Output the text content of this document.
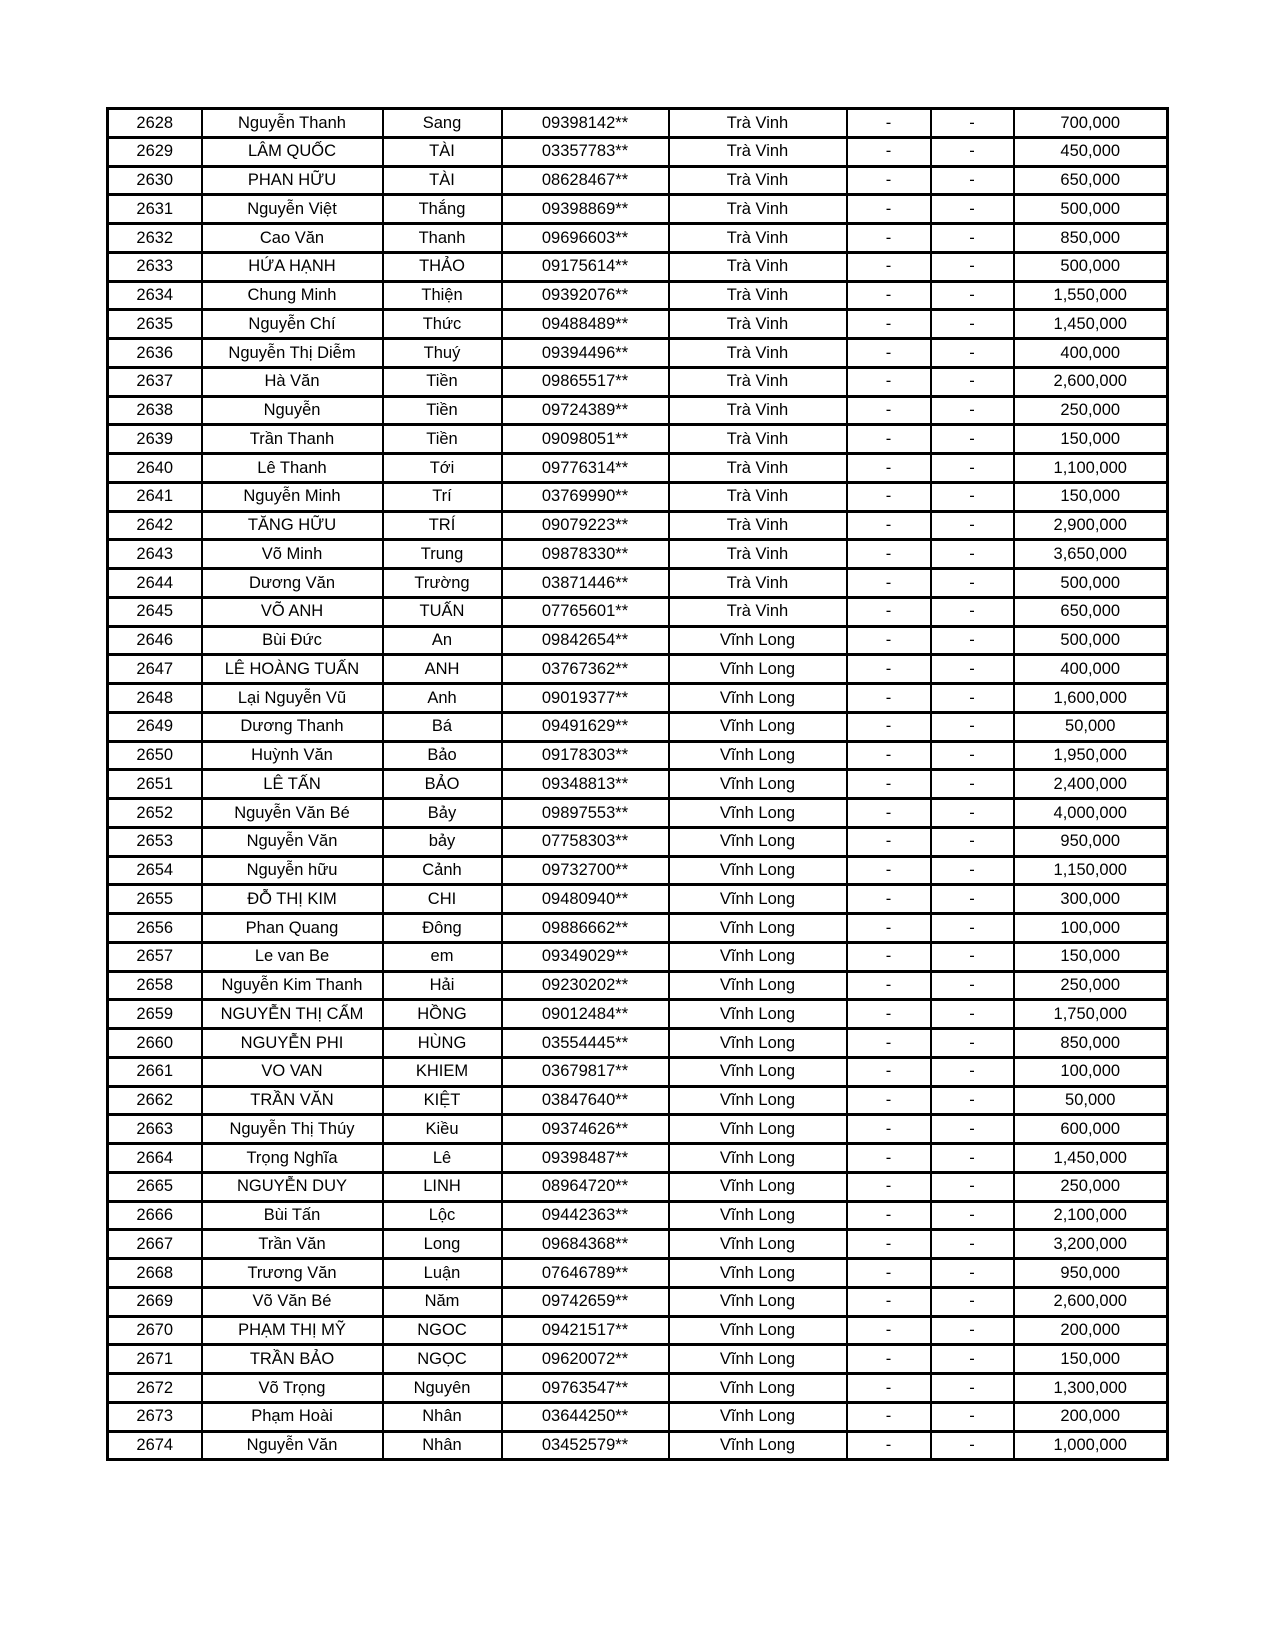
2628	Nguyễn Thanh	Sang	09398142**	Trà Vinh	-	-	700,000
2629	LÂM QUỐC	TÀI	03357783**	Trà Vinh	-	-	450,000
2630	PHAN HỮU	TÀI	08628467**	Trà Vinh	-	-	650,000
2631	Nguyễn Việt	Thắng	09398869**	Trà Vinh	-	-	500,000
2632	Cao Văn	Thanh	09696603**	Trà Vinh	-	-	850,000
2633	HỨA HẠNH	THẢO	09175614**	Trà Vinh	-	-	500,000
2634	Chung Minh	Thiện	09392076**	Trà Vinh	-	-	1,550,000
2635	Nguyễn Chí	Thức	09488489**	Trà Vinh	-	-	1,450,000
2636	Nguyễn Thị Diễm	Thuý	09394496**	Trà Vinh	-	-	400,000
2637	Hà Văn	Tiền	09865517**	Trà Vinh	-	-	2,600,000
2638	Nguyễn	Tiền	09724389**	Trà Vinh	-	-	250,000
2639	Trần Thanh	Tiền	09098051**	Trà Vinh	-	-	150,000
2640	Lê Thanh	Tới	09776314**	Trà Vinh	-	-	1,100,000
2641	Nguyễn Minh	Trí	03769990**	Trà Vinh	-	-	150,000
2642	TĂNG HỮU	TRÍ	09079223**	Trà Vinh	-	-	2,900,000
2643	Võ Minh	Trung	09878330**	Trà Vinh	-	-	3,650,000
2644	Dương Văn	Trường	03871446**	Trà Vinh	-	-	500,000
2645	VÕ ANH	TUẤN	07765601**	Trà Vinh	-	-	650,000
2646	Bùi Đức	An	09842654**	Vĩnh Long	-	-	500,000
2647	LÊ HOÀNG TUẤN	ANH	03767362**	Vĩnh Long	-	-	400,000
2648	Lại Nguyễn Vũ	Anh	09019377**	Vĩnh Long	-	-	1,600,000
2649	Dương Thanh	Bá	09491629**	Vĩnh Long	-	-	50,000
2650	Huỳnh Văn	Bảo	09178303**	Vĩnh Long	-	-	1,950,000
2651	LÊ TẤN	BẢO	09348813**	Vĩnh Long	-	-	2,400,000
2652	Nguyễn Văn Bé	Bảy	09897553**	Vĩnh Long	-	-	4,000,000
2653	Nguyễn Văn	bảy	07758303**	Vĩnh Long	-	-	950,000
2654	Nguyễn hữu	Cảnh	09732700**	Vĩnh Long	-	-	1,150,000
2655	ĐỖ THỊ KIM	CHI	09480940**	Vĩnh Long	-	-	300,000
2656	Phan Quang	Đông	09886662**	Vĩnh Long	-	-	100,000
2657	Le van Be	em	09349029**	Vĩnh Long	-	-	150,000
2658	Nguyễn Kim Thanh	Hải	09230202**	Vĩnh Long	-	-	250,000
2659	NGUYỄN THỊ CẨM	HỒNG	09012484**	Vĩnh Long	-	-	1,750,000
2660	NGUYỄN PHI	HÙNG	03554445**	Vĩnh Long	-	-	850,000
2661	VO VAN	KHIEM	03679817**	Vĩnh Long	-	-	100,000
2662	TRẦN VĂN	KIỆT	03847640**	Vĩnh Long	-	-	50,000
2663	Nguyễn Thị Thúy	Kiều	09374626**	Vĩnh Long	-	-	600,000
2664	Trọng Nghĩa	Lê	09398487**	Vĩnh Long	-	-	1,450,000
2665	NGUYỄN DUY	LINH	08964720**	Vĩnh Long	-	-	250,000
2666	Bùi Tấn	Lộc	09442363**	Vĩnh Long	-	-	2,100,000
2667	Trần Văn	Long	09684368**	Vĩnh Long	-	-	3,200,000
2668	Trương Văn	Luận	07646789**	Vĩnh Long	-	-	950,000
2669	Võ Văn Bé	Năm	09742659**	Vĩnh Long	-	-	2,600,000
2670	PHẠM THỊ MỸ	NGOC	09421517**	Vĩnh Long	-	-	200,000
2671	TRẦN BẢO	NGỌC	09620072**	Vĩnh Long	-	-	150,000
2672	Võ Trọng	Nguyên	09763547**	Vĩnh Long	-	-	1,300,000
2673	Phạm Hoài	Nhân	03644250**	Vĩnh Long	-	-	200,000
2674	Nguyễn Văn	Nhân	03452579**	Vĩnh Long	-	-	1,000,000
